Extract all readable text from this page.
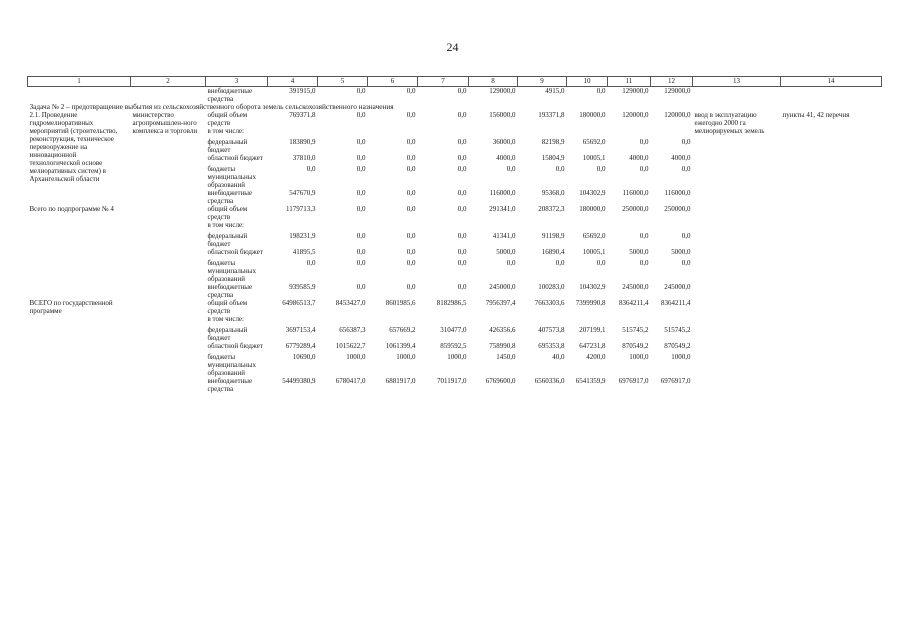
24
1	2	3	4	5	6	7	8	9	10	11	12	13	14
		внебюджетные средства	391915,0	0,0	0,0	0,0	129000,0	4915,0	0,0	129000,0	129000,0		
Задача № 2 – предотвращение выбытия из сельскохозяйственного оборота земель сельскохозяйственного назначения													
2.1. Проведение гидромелиоративных мероприятий (строительство, реконструкция, техническое перевооружение на инновационной технологической основе мелиоративных систем) в Архангельской области	министерство агропромышлен-ного комплекса и торговли	общий объем средств	769371,8	0,0	0,0	0,0	156000,0	193371,8	180000,0	120000,0	120000,0	ввод в эксплуатацию ежегодно 2000 га мелиорируемых земель	пункты 41, 42 перечня
		в том числе:											
		федеральный бюджет	183890,9	0,0	0,0	0,0	36000,0	82198,9	65692,0	0,0	0,0		
		областной бюджет	37810,0	0,0	0,0	0,0	4000,0	15804,9	10005,1	4000,0	4000,0		
		бюджеты муниципальных образований	0,0	0,0	0,0	0,0	0,0	0,0	0,0	0,0	0,0		
		внебюджетные средства	547670,9	0,0	0,0	0,0	116000,0	95368,0	104302,9	116000,0	116000,0		
Всего по подпрограмме № 4		общий объем средств	1179713,3	0,0	0,0	0,0	291341,0	208372,3	180000,0	250000,0	250000,0		
		в том числе:											
		федеральный бюджет	198231,9	0,0	0,0	0,0	41341,0	91198,9	65692,0	0,0	0,0		
		областной бюджет	41895,5	0,0	0,0	0,0	5000,0	16890,4	10005,1	5000,0	5000,0		
		бюджеты муниципальных образований	0,0	0,0	0,0	0,0	0,0	0,0	0,0	0,0	0,0		
		внебюджетные средства	939585,9	0,0	0,0	0,0	245000,0	100283,0	104302,9	245000,0	245000,0		
ВСЕГО по государственной программе		общий объем средств	64986513,7	8453427,0	8601985,6	8182986,5	7956397,4	7663303,6	7399990,8	8364211,4	8364211,4		
		в том числе:											
		федеральный бюджет	3697153,4	656387,3	657669,2	310477,0	426356,6	407573,8	207199,1	515745,2	515745,2		
		областной бюджет	6779289,4	1015622,7	1061399,4	859592,5	758990,8	695353,8	647231,8	870549,2	870549,2		
		бюджеты муниципальных образований	10690,0	1000,0	1000,0	1000,0	1450,0	40,0	4200,0	1000,0	1000,0		
		внебюджетные средства	54499380,9	6780417,0	6881917,0	7011917,0	6769600,0	6560336,0	6541359,9	6976917,0	6976917,0		
